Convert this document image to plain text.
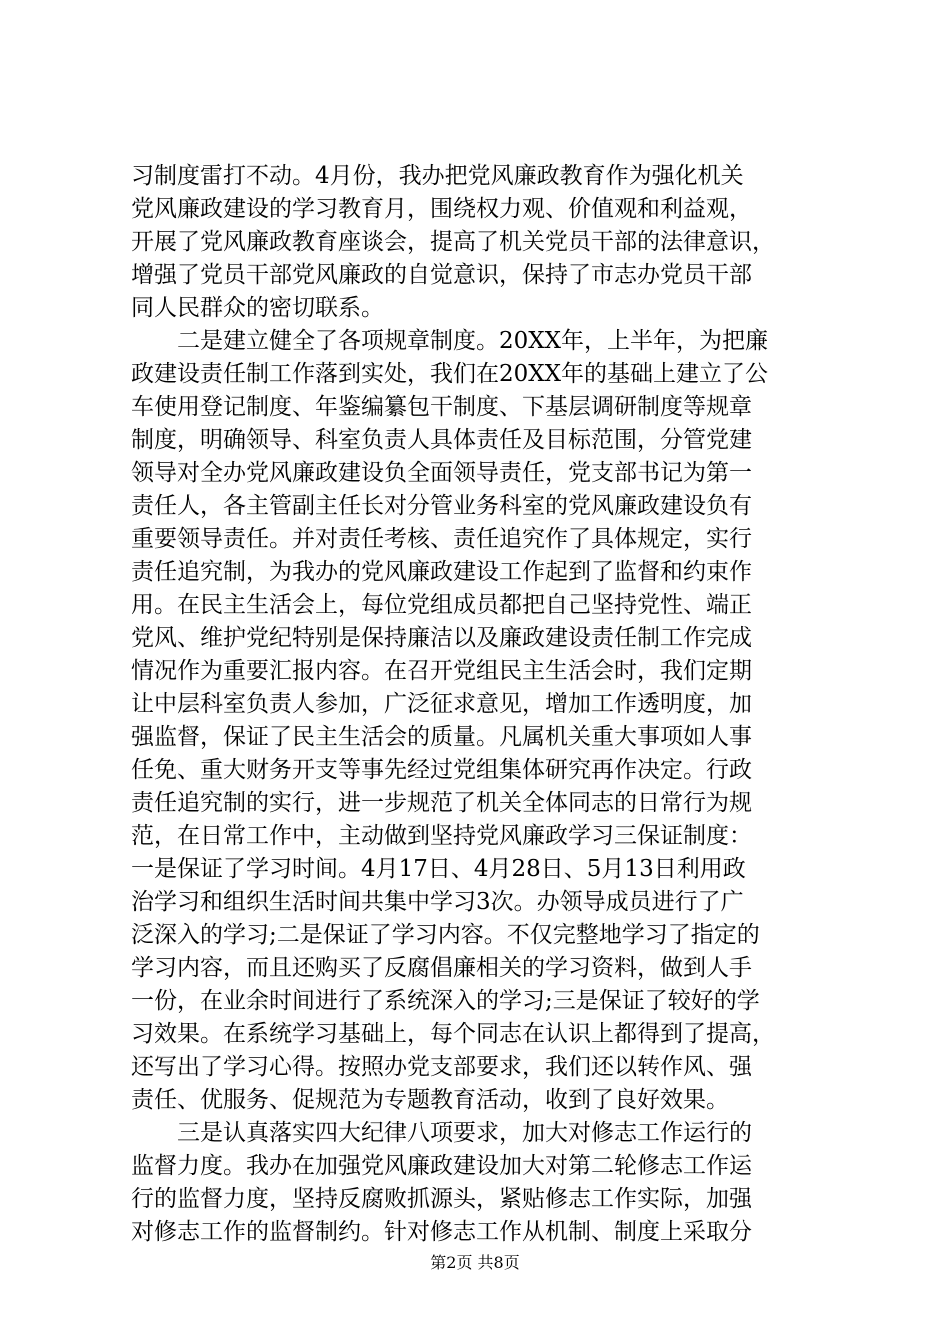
习制度雷打不动。4月份，我办把党风廉政教育作为强化机关
党风廉政建设的学习教育月，围绕权力观、价值观和利益观，
开展了党风廉政教育座谈会，提高了机关党员干部的法律意识，
增强了党员干部党风廉政的自觉意识，保持了市志办党员干部
同人民群众的密切联系。
　　二是建立健全了各项规章制度。20XX年，上半年，为把廉
政建设责任制工作落到实处，我们在20XX年的基础上建立了公
车使用登记制度、年鉴编纂包干制度、下基层调研制度等规章
制度，明确领导、科室负责人具体责任及目标范围，分管党建
领导对全办党风廉政建设负全面领导责任，党支部书记为第一
责任人，各主管副主任长对分管业务科室的党风廉政建设负有
重要领导责任。并对责任考核、责任追究作了具体规定，实行
责任追究制，为我办的党风廉政建设工作起到了监督和约束作
用。在民主生活会上，每位党组成员都把自己坚持党性、端正
党风、维护党纪特别是保持廉洁以及廉政建设责任制工作完成
情况作为重要汇报内容。在召开党组民主生活会时，我们定期
让中层科室负责人参加，广泛征求意见，增加工作透明度，加
强监督，保证了民主生活会的质量。凡属机关重大事项如人事
任免、重大财务开支等事先经过党组集体研究再作决定。行政
责任追究制的实行，进一步规范了机关全体同志的日常行为规
范，在日常工作中，主动做到坚持党风廉政学习三保证制度：
一是保证了学习时间。4月17日、4月28日、5月13日利用政
治学习和组织生活时间共集中学习3次。办领导成员进行了广
泛深入的学习;二是保证了学习内容。不仅完整地学习了指定的
学习内容，而且还购买了反腐倡廉相关的学习资料，做到人手
一份，在业余时间进行了系统深入的学习;三是保证了较好的学
习效果。在系统学习基础上，每个同志在认识上都得到了提高，
还写出了学习心得。按照办党支部要求，我们还以转作风、强
责任、优服务、促规范为专题教育活动，收到了良好效果。
　　三是认真落实四大纪律八项要求，加大对修志工作运行的
监督力度。我办在加强党风廉政建设加大对第二轮修志工作运
行的监督力度，坚持反腐败抓源头，紧贴修志工作实际，加强
对修志工作的监督制约。针对修志工作从机制、制度上采取分
第2页 共8页
